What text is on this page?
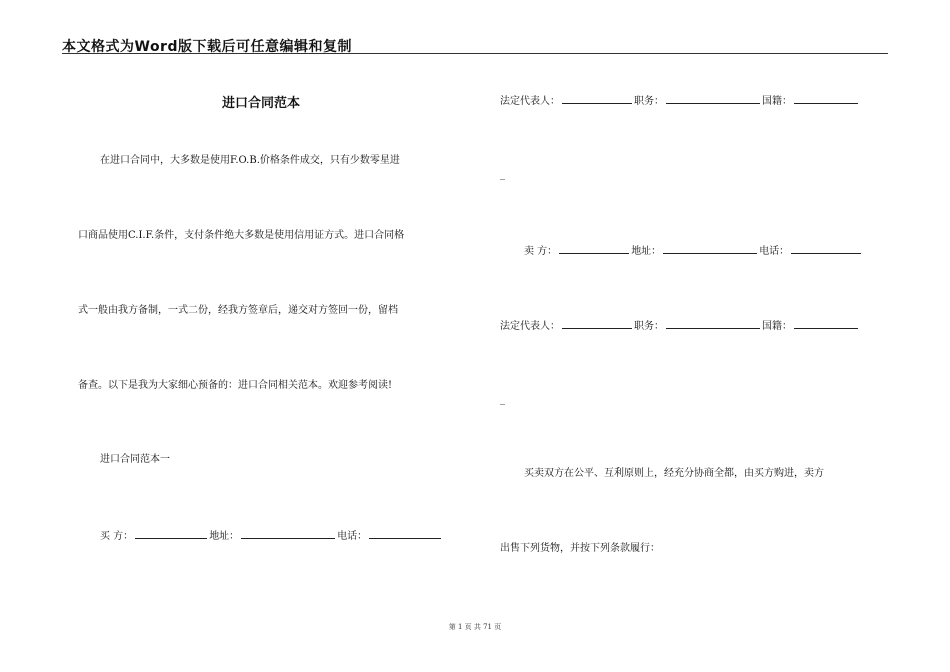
本文格式为Word版下载后可任意编辑和复制
进口合同范本
在进口合同中，大多数是使用F.O.B.价格条件成交，只有少数零星进
口商品使用C.I.F.条件，支付条件绝大多数是使用信用证方式。进口合同格
式一般由我方备制，一式二份，经我方签章后，递交对方签回一份，留档
备查。以下是我为大家细心预备的：进口合同相关范本。欢迎参考阅读!
进口合同范本一
买 方：	地址：	电话：
法定代表人：	职务：	国籍：
_
卖 方：	地址：	电话：
法定代表人：	职务：	国籍：
_
买卖双方在公平、互利原则上，经充分协商全都，由买方购进，卖方
出售下列货物，并按下列条款履行：
第 1 页 共 71 页
